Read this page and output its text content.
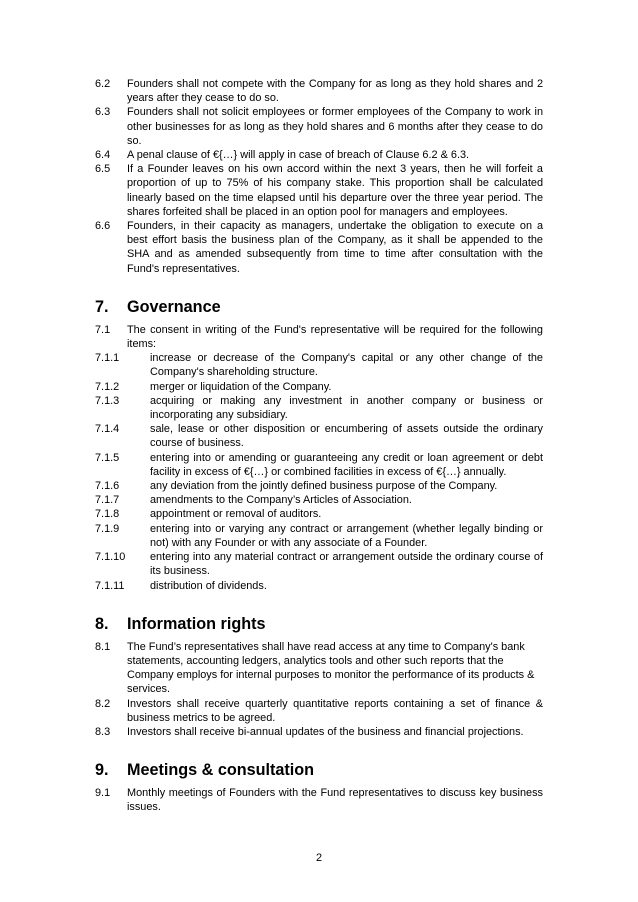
6.2 Founders shall not compete with the Company for as long as they hold shares and 2 years after they cease to do so.
6.3 Founders shall not solicit employees or former employees of the Company to work in other businesses for as long as they hold shares and 6 months after they cease to do so.
6.4 A penal clause of €{…} will apply in case of breach of Clause 6.2 & 6.3.
6.5 If a Founder leaves on his own accord within the next 3 years, then he will forfeit a proportion of up to 75% of his company stake. This proportion shall be calculated linearly based on the time elapsed until his departure over the three year period. The shares forfeited shall be placed in an option pool for managers and employees.
6.6 Founders, in their capacity as managers, undertake the obligation to execute on a best effort basis the business plan of the Company, as it shall be appended to the SHA and as amended subsequently from time to time after consultation with the Fund's representatives.
7. Governance
7.1 The consent in writing of the Fund's representative will be required for the following items:
7.1.1	increase or decrease of the Company's capital or any other change of the Company's shareholding structure.
7.1.2	merger or liquidation of the Company.
7.1.3	acquiring or making any investment in another company or business or incorporating any subsidiary.
7.1.4	sale, lease or other disposition or encumbering of assets outside the ordinary course of business.
7.1.5	entering into or amending or guaranteeing any credit or loan agreement or debt facility in excess of €{…} or combined facilities in excess of €{…} annually.
7.1.6	any deviation from the jointly defined business purpose of the Company.
7.1.7	amendments to the Company’s Articles of Association.
7.1.8	appointment or removal of auditors.
7.1.9	entering into or varying any contract or arrangement (whether legally binding or not) with any Founder or with any associate of a Founder.
7.1.10 entering into any material contract or arrangement outside the ordinary course of its business.
7.1.11 distribution of dividends.
8. Information rights
8.1 The Fund’s representatives shall have read access at any time to Company's bank statements, accounting ledgers, analytics tools and other such reports that the Company employs for internal purposes to monitor the performance of its products & services.
8.2 Investors shall receive quarterly quantitative reports containing a set of finance & business metrics to be agreed.
8.3 Investors shall receive bi-annual updates of the business and financial projections.
9. Meetings & consultation
9.1 Monthly meetings of Founders with the Fund representatives to discuss key business issues.
2
